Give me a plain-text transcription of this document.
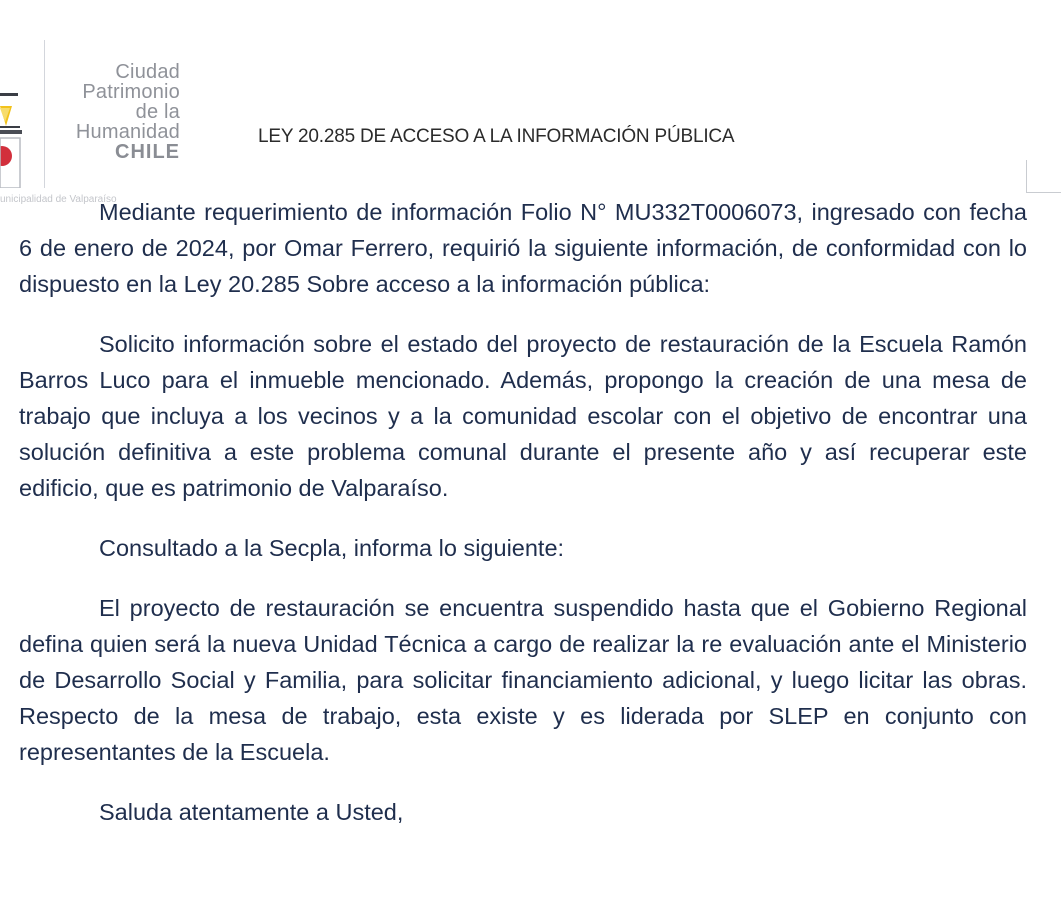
Ciudad
Patrimonio
de la
Humanidad
CHILE
unicipalidad de Valparaíso
LEY 20.285 DE ACCESO A LA INFORMACIÓN PÚBLICA

Mediante requerimiento de información Folio N° MU332T0006073, ingresado con fecha 6 de enero de 2024, por Omar Ferrero, requirió la siguiente información, de conformidad con lo dispuesto en la Ley 20.285 Sobre acceso a la información pública:

Solicito información sobre el estado del proyecto de restauración de la Escuela Ramón Barros Luco para el inmueble mencionado. Además, propongo la creación de una mesa de trabajo que incluya a los vecinos y a la comunidad escolar con el objetivo de encontrar una solución definitiva a este problema comunal durante el presente año y así recuperar este edificio, que es patrimonio de Valparaíso.

Consultado a la Secpla, informa lo siguiente:

El proyecto de restauración se encuentra suspendido hasta que el Gobierno Regional defina quien será la nueva Unidad Técnica a cargo de realizar la re evaluación ante el Ministerio de Desarrollo Social y Familia, para solicitar financiamiento adicional, y luego licitar las obras. Respecto de la mesa de trabajo, esta existe y es liderada por SLEP en conjunto con representantes de la Escuela.

Saluda atentamente a Usted,
